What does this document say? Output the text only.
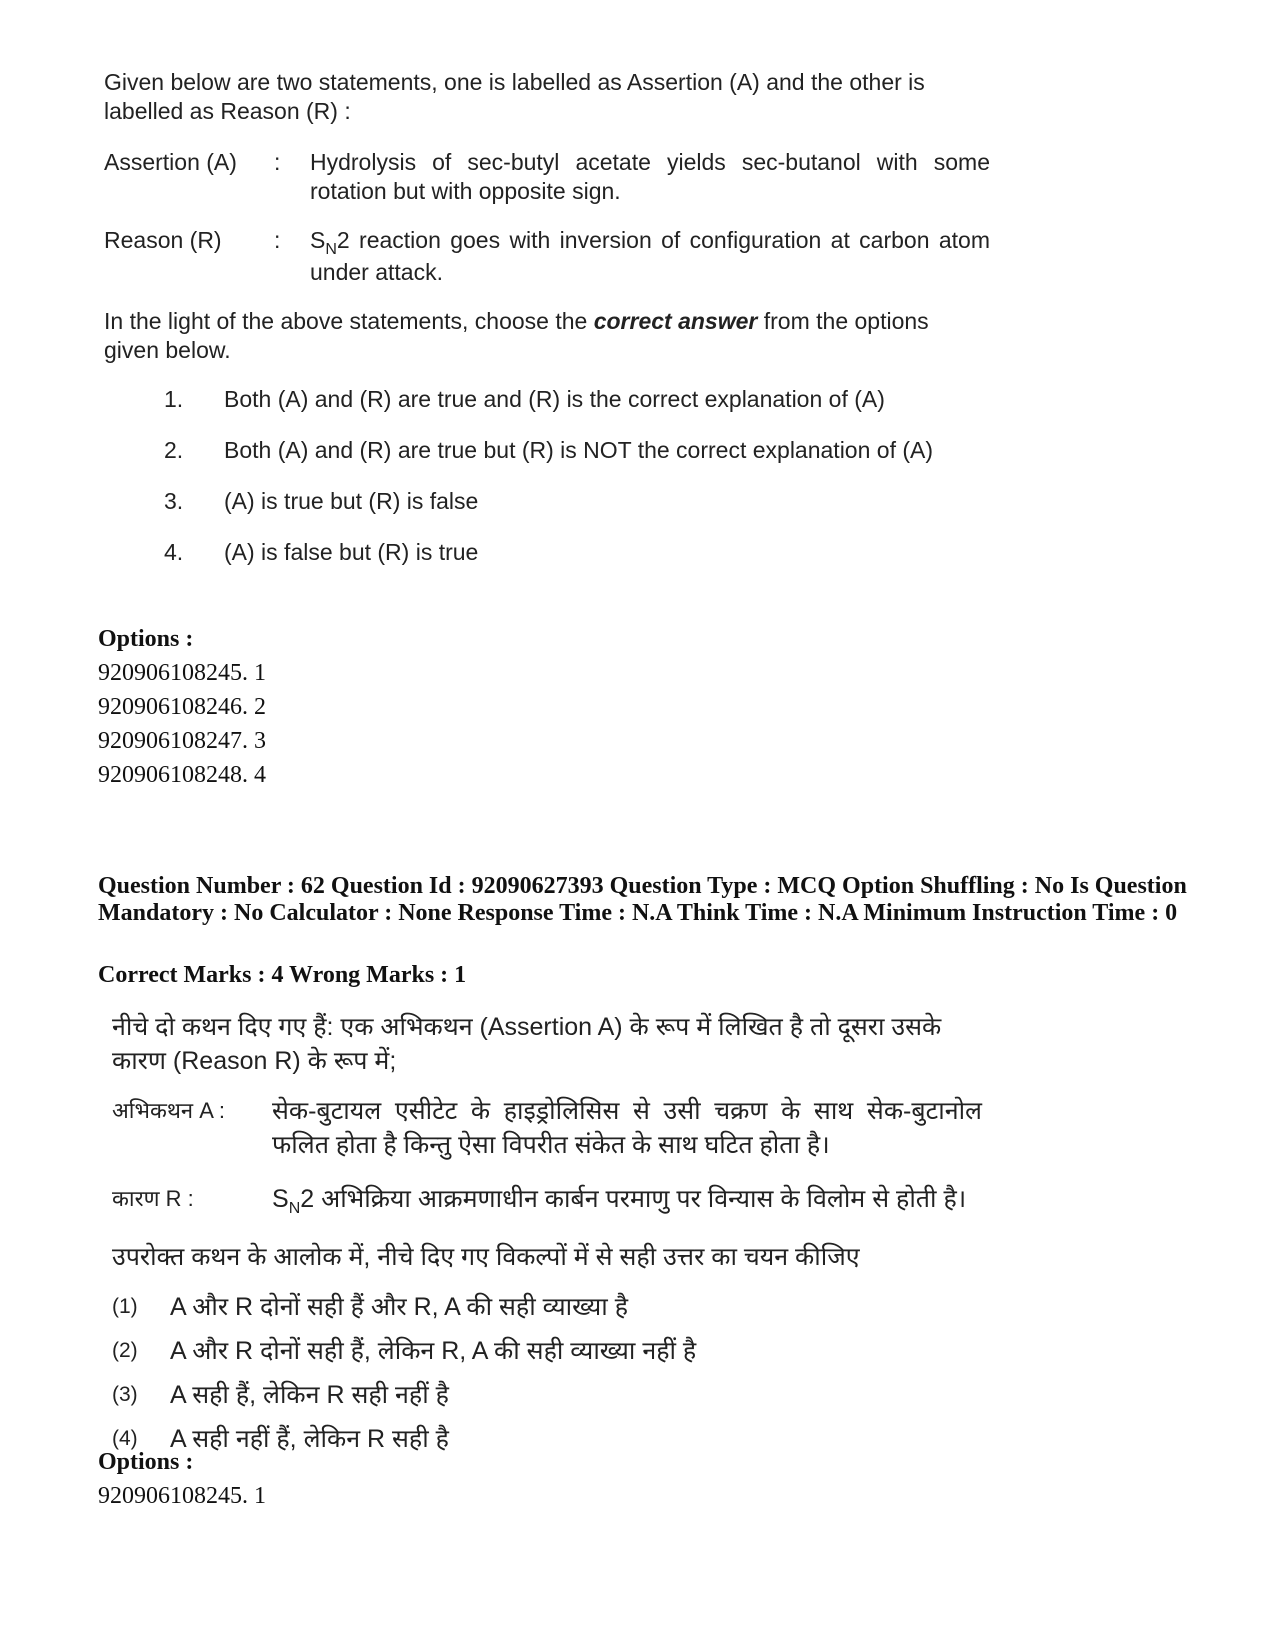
Given below are two statements, one is labelled as Assertion (A) and the other is labelled as Reason (R) :
Assertion (A)	:	Hydrolysis of sec-butyl acetate yields sec-butanol with some rotation but with opposite sign.
Reason (R)	:	$S_N2$ reaction goes with inversion of configuration at carbon atom under attack.
In the light of the above statements, choose the correct answer from the options given below.
1.	Both (A) and (R) are true and (R) is the correct explanation of (A)
2.	Both (A) and (R) are true but (R) is NOT the correct explanation of (A)
3.	(A) is true but (R) is false
4.	(A) is false but (R) is true
Options :
920906108245. 1
920906108246. 2
920906108247. 3
920906108248. 4
Question Number : 62 Question Id : 92090627393 Question Type : MCQ Option Shuffling : No Is Question Mandatory : No Calculator : None Response Time : N.A Think Time : N.A Minimum Instruction Time : 0
Correct Marks : 4 Wrong Marks : 1
नीचे दो कथन दिए गए हैं: एक अभिकथन (Assertion A) के रूप में लिखित है तो दूसरा उसके कारण (Reason R) के रूप में;
अभिकथन A :	सेक-बुटायल एसीटेट के हाइड्रोलिसिस से उसी चक्रण के साथ सेक-बुटानोल फलित होता है किन्तु ऐसा विपरीत संकेत के साथ घटित होता है।
कारण R :	$S_N2$ अभिक्रिया आक्रमणाधीन कार्बन परमाणु पर विन्यास के विलोम से होती है।
उपरोक्त कथन के आलोक में, नीचे दिए गए विकल्पों में से सही उत्तर का चयन कीजिए
(1)	A और R दोनों सही हैं और R, A की सही व्याख्या है
(2)	A और R दोनों सही हैं, लेकिन R, A की सही व्याख्या नहीं है
(3)	A सही हैं, लेकिन R सही नहीं है
(4)	A सही नहीं हैं, लेकिन R सही है
Options :
920906108245. 1
